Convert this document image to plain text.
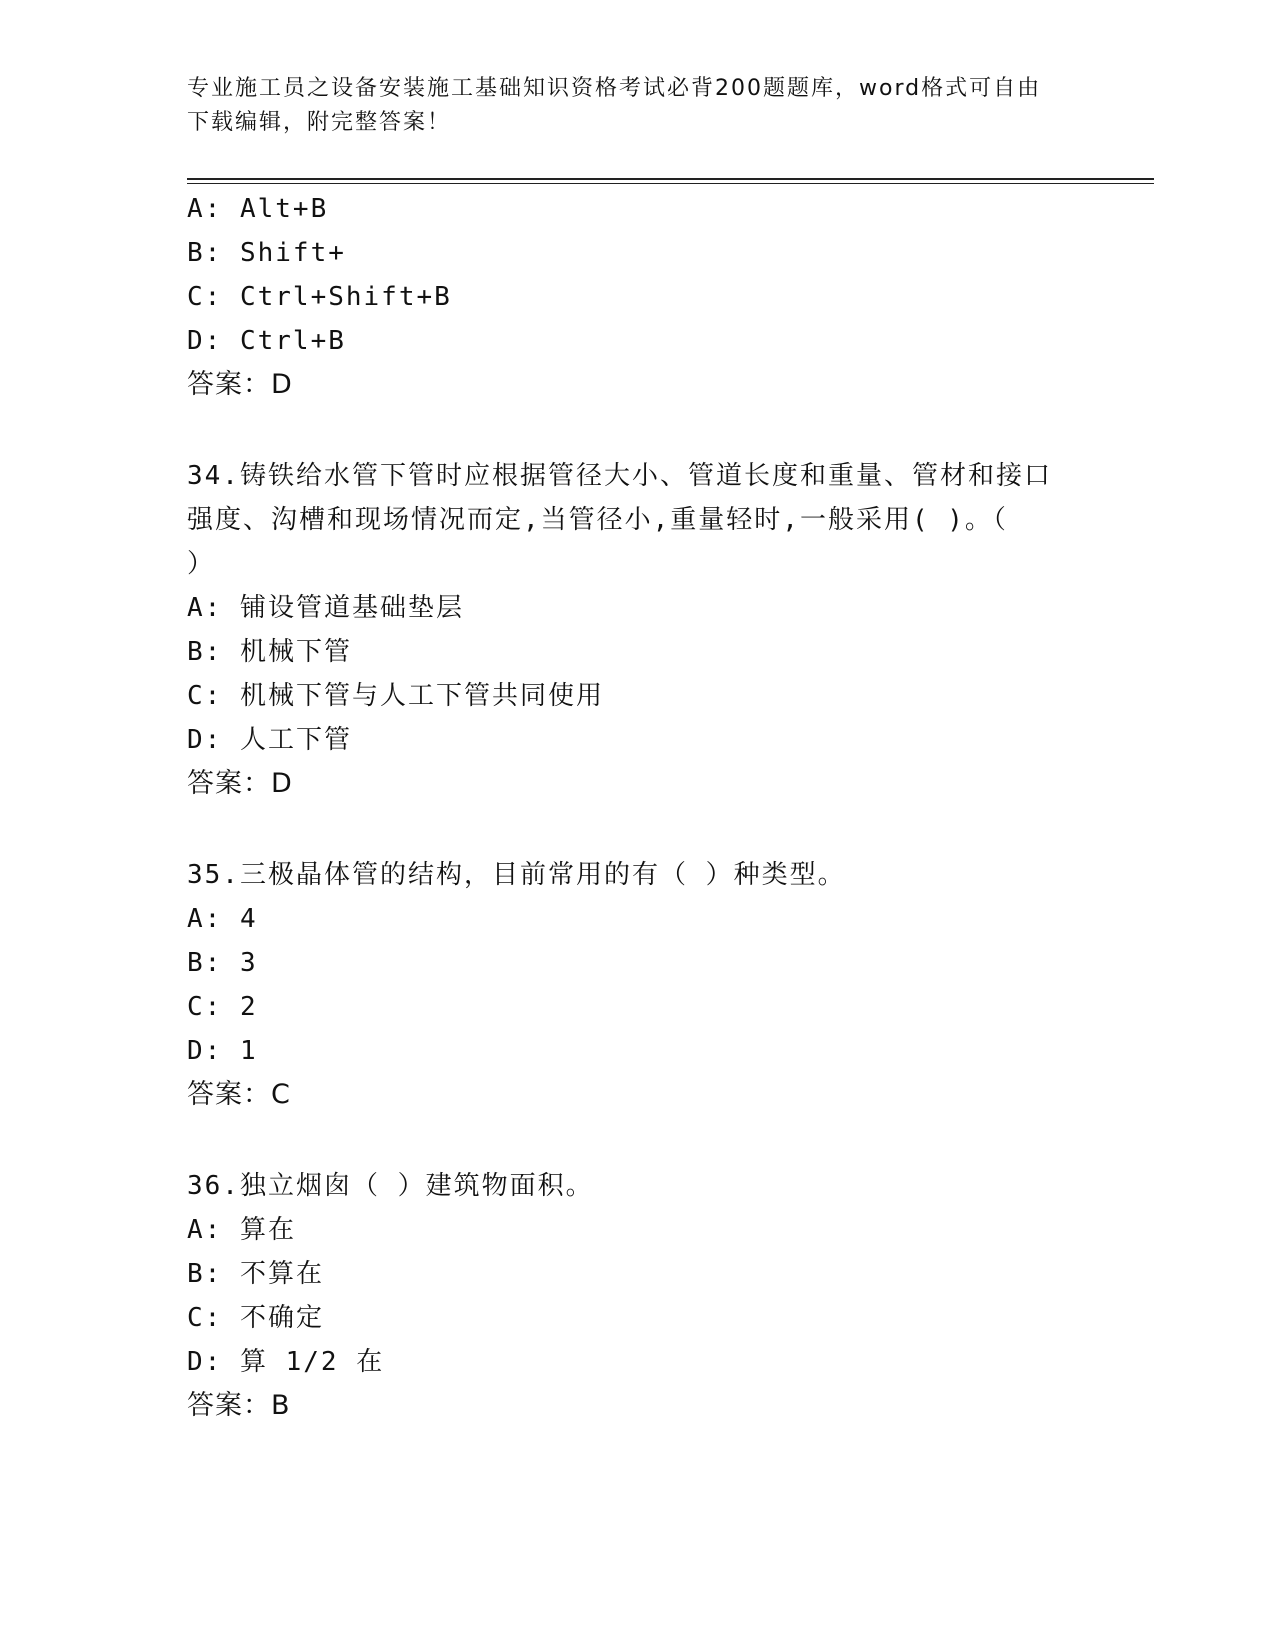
专业施工员之设备安装施工基础知识资格考试必背200题题库，word格式可自由
下载编辑，附完整答案！
A: Alt+B
B: Shift+
C: Ctrl+Shift+B
D: Ctrl+B
答案：D
34.铸铁给水管下管时应根据管径大小、管道长度和重量、管材和接口
强度、沟槽和现场情况而定,当管径小,重量轻时,一般采用( )。（
）
A: 铺设管道基础垫层
B: 机械下管
C: 机械下管与人工下管共同使用
D: 人工下管
答案：D
35.三极晶体管的结构，目前常用的有（ ）种类型。
A: 4
B: 3
C: 2
D: 1
答案：C
36.独立烟囱（ ）建筑物面积。
A: 算在
B: 不算在
C: 不确定
D: 算 1/2 在
答案：B
